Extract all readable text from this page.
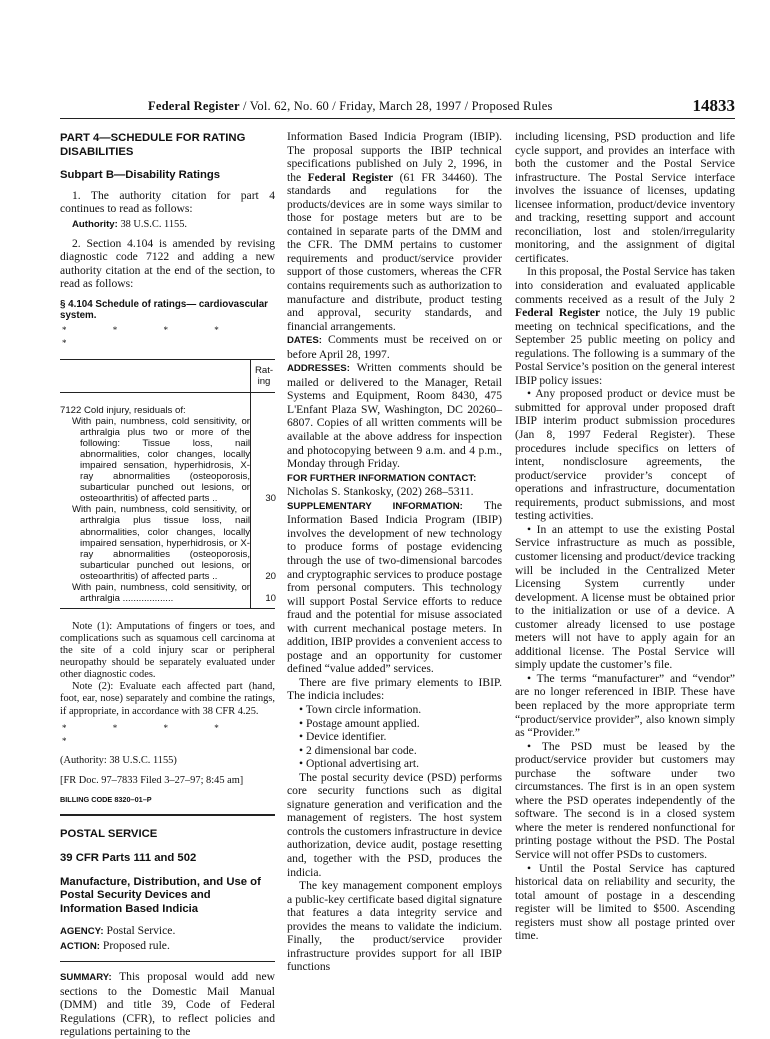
Federal Register / Vol. 62, No. 60 / Friday, March 28, 1997 / Proposed Rules	14833
PART 4—SCHEDULE FOR RATING DISABILITIES
Subpart B—Disability Ratings

1. The authority citation for part 4 continues to read as follows:

Authority: 38 U.S.C. 1155.

2. Section 4.104 is amended by revising diagnostic code 7122 and adding a new authority citation at the end of the section, to read as follows:

§ 4.104 Schedule of ratings— cardiovascular system.
* * * * *
Rat-ing
7122 Cold injury, residuals of:
With pain, numbness, cold sensitivity, or arthralgia plus two or more of the following: Tissue loss, nail abnormalities, color changes, locally impaired sensation, hyperhidrosis, X-ray abnormalities (osteoporosis, subarticular punched out lesions, or osteoarthritis) of affected parts ..	30
With pain, numbness, cold sensitivity, or arthralgia plus tissue loss, nail abnormalities, color changes, locally impaired sensation, hyperhidrosis, or X-ray abnormalities (osteoporosis, subarticular punched out lesions, or osteoarthritis) of affected parts ..	20
With pain, numbness, cold sensitivity, or arthralgia ...................	10

Note (1): Amputations of fingers or toes, and complications such as squamous cell carcinoma at the site of a cold injury scar or peripheral neuropathy should be separately evaluated under other diagnostic codes.

Note (2): Evaluate each affected part (hand, foot, ear, nose) separately and combine the ratings, if appropriate, in accordance with 38 CFR 4.25.

* * * * *

(Authority: 38 U.S.C. 1155)

[FR Doc. 97–7833 Filed 3–27–97; 8:45 am]

BILLING CODE 8320–01–P
POSTAL SERVICE
39 CFR Parts 111 and 502
Manufacture, Distribution, and Use of Postal Security Devices and Information Based Indicia

AGENCY: Postal Service.

ACTION: Proposed rule.

SUMMARY: This proposal would add new sections to the Domestic Mail Manual (DMM) and title 39, Code of Federal Regulations (CFR), to reflect policies and regulations pertaining to the

Information Based Indicia Program (IBIP). The proposal supports the IBIP technical specifications published on July 2, 1996, in the Federal Register (61 FR 34460). The standards and regulations for the products/devices are in some ways similar to those for postage meters but are to be contained in separate parts of the DMM and the CFR. The DMM pertains to customer requirements and product/service provider support of those customers, whereas the CFR contains requirements such as authorization to manufacture and distribute, product testing and approval, security standards, and financial arrangements.

DATES: Comments must be received on or before April 28, 1997.

ADDRESSES: Written comments should be mailed or delivered to the Manager, Retail Systems and Equipment, Room 8430, 475 L'Enfant Plaza SW, Washington, DC 20260–6807. Copies of all written comments will be available at the above address for inspection and photocopying between 9 a.m. and 4 p.m., Monday through Friday.

FOR FURTHER INFORMATION CONTACT:
Nicholas S. Stankosky, (202) 268–5311.

SUPPLEMENTARY INFORMATION: The Information Based Indicia Program (IBIP) involves the development of new technology to produce forms of postage evidencing through the use of two-dimensional barcodes and cryptographic services to produce postage from personal computers. This technology will support Postal Service efforts to reduce fraud and the potential for misuse associated with current mechanical postage meters. In addition, IBIP provides a convenient access to postage and an opportunity for customer defined “value added” services.

There are five primary elements to IBIP. The indicia includes:

• Town circle information.

• Postage amount applied.

• Device identifier.

• 2 dimensional bar code.

• Optional advertising art.

The postal security device (PSD) performs core security functions such as digital signature generation and verification and the management of registers. The host system controls the customers infrastructure in device authorization, device audit, postage resetting and, together with the PSD, produces the indicia.

The key management component employs a public-key certificate based digital signature that features a data integrity service and provides the means to validate the indicium. Finally, the product/service provider infrastructure provides support for all IBIP functions

including licensing, PSD production and life cycle support, and provides an interface with both the customer and the Postal Service infrastructure. The Postal Service interface involves the issuance of licenses, updating licensee information, product/device inventory and tracking, resetting support and account reconciliation, lost and stolen/irregularity monitoring, and the assignment of digital certificates.

In this proposal, the Postal Service has taken into consideration and evaluated applicable comments received as a result of the July 2 Federal Register notice, the July 19 public meeting on technical specifications, and the September 25 public meeting on policy and regulations. The following is a summary of the Postal Service’s position on the general interest IBIP policy issues:

• Any proposed product or device must be submitted for approval under proposed draft IBIP interim product submission procedures (Jan 8, 1997 Federal Register). These procedures include specifics on letters of intent, nondisclosure agreements, the product/service provider’s concept of operations and infrastructure, documentation requirements, product submissions, and most testing activities.

• In an attempt to use the existing Postal Service infrastructure as much as possible, customer licensing and product/device tracking will be included in the Centralized Meter Licensing System currently under development. A license must be obtained prior to the initialization or use of a device. A customer already licensed to use postage meters will not have to apply again for an additional license. The Postal Service will simply update the customer’s file.

• The terms “manufacturer” and “vendor” are no longer referenced in IBIP. These have been replaced by the more appropriate term “product/service provider”, also known simply as “Provider.”

• The PSD must be leased by the product/service provider but customers may purchase the software under two circumstances. The first is in an open system where the PSD operates independently of the software. The second is in a closed system where the meter is rendered nonfunctional for printing postage without the PSD. The Postal Service will not offer PSDs to customers.

• Until the Postal Service has captured historical data on reliability and security, the total amount of postage in a descending register will be limited to $500. Ascending registers must show all postage printed over time.
